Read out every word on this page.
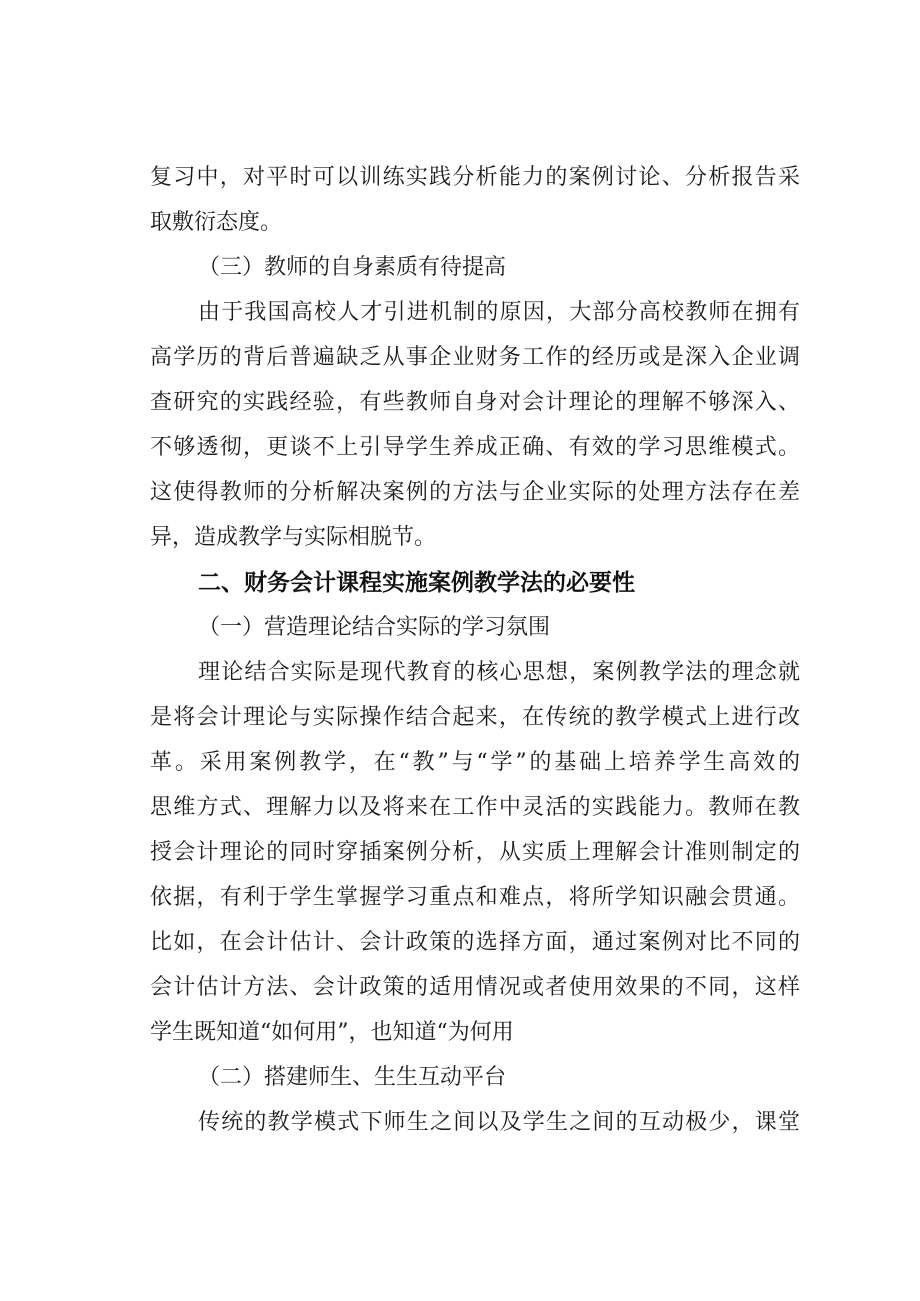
复习中，对平时可以训练实践分析能力的案例讨论、分析报告采
取敷衍态度。
（三）教师的自身素质有待提高
由于我国高校人才引进机制的原因，大部分高校教师在拥有
高学历的背后普遍缺乏从事企业财务工作的经历或是深入企业调
查研究的实践经验，有些教师自身对会计理论的理解不够深入、
不够透彻，更谈不上引导学生养成正确、有效的学习思维模式。
这使得教师的分析解决案例的方法与企业实际的处理方法存在差
异，造成教学与实际相脱节。
二、财务会计课程实施案例教学法的必要性
（一）营造理论结合实际的学习氛围
理论结合实际是现代教育的核心思想，案例教学法的理念就
是将会计理论与实际操作结合起来，在传统的教学模式上进行改
革。采用案例教学，在“教”与“学”的基础上培养学生高效的
思维方式、理解力以及将来在工作中灵活的实践能力。教师在教
授会计理论的同时穿插案例分析，从实质上理解会计准则制定的
依据，有利于学生掌握学习重点和难点，将所学知识融会贯通。
比如，在会计估计、会计政策的选择方面，通过案例对比不同的
会计估计方法、会计政策的适用情况或者使用效果的不同，这样
学生既知道“如何用”，也知道“为何用
（二）搭建师生、生生互动平台
传统的教学模式下师生之间以及学生之间的互动极少，课堂
